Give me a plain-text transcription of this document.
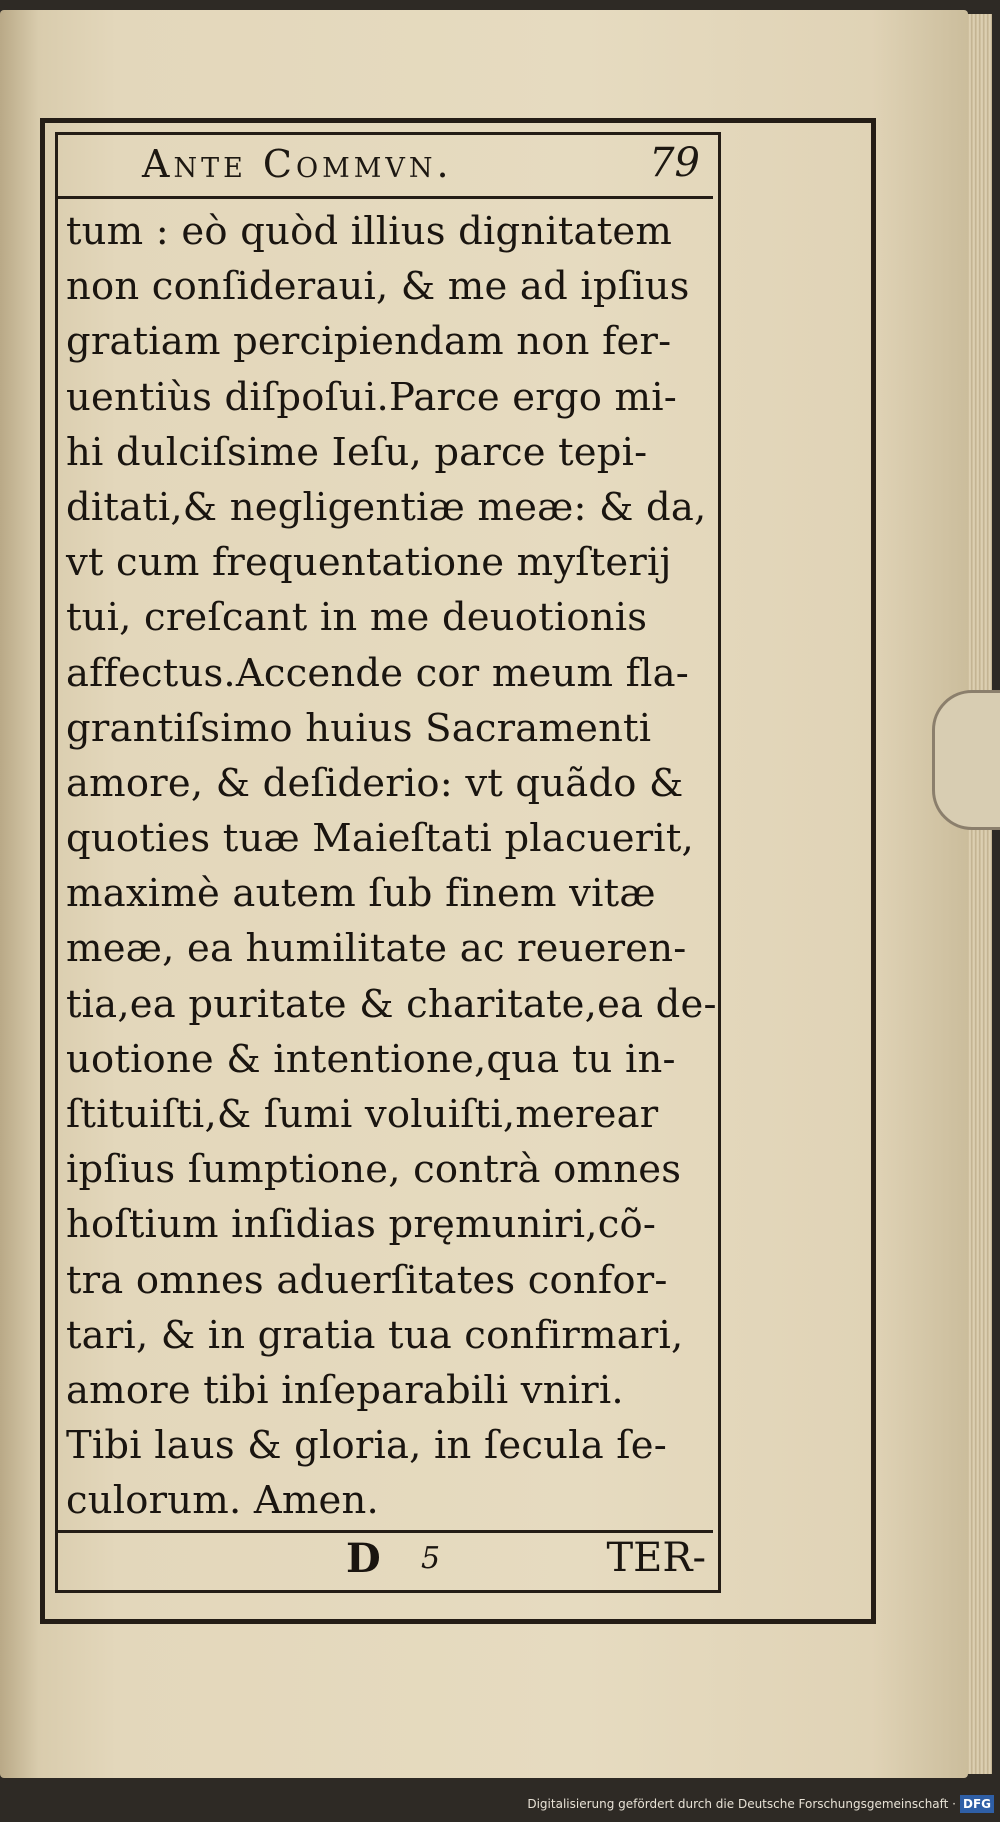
Ante Commvn.	79
tum : eò quòd illius dignitatem
non conſideraui, & me ad ipſius
gratiam percipiendam non fer-
uentiùs diſpoſui.Parce ergo mi-
hi dulciſsime Ieſu, parce tepi-
ditati,& negligentiæ meæ: & da,
vt cum frequentatione myſterij
tui, creſcant in me deuotionis
affectus.Accende cor meum fla-
grantiſsimo huius Sacramenti
amore, & deſiderio: vt quãdo &
quoties tuæ Maieſtati placuerit,
maximè autem ſub finem vitæ
meæ, ea humilitate ac reueren-
tia,ea puritate & charitate,ea de-
uotione & intentione,qua tu in-
ſtituiſti,& ſumi voluiſti,merear
ipſius ſumptione, contrà omnes
hoſtium inſidias pręmuniri,cõ-
tra omnes aduerſitates confor-
tari, & in gratia tua confirmari,
amore tibi inſeparabili vniri.
Tibi laus & gloria, in ſecula ſe-
culorum. Amen.
D 5	TER-
Digitalisierung gefördert durch die Deutsche Forschungsgemeinschaft · DFG
